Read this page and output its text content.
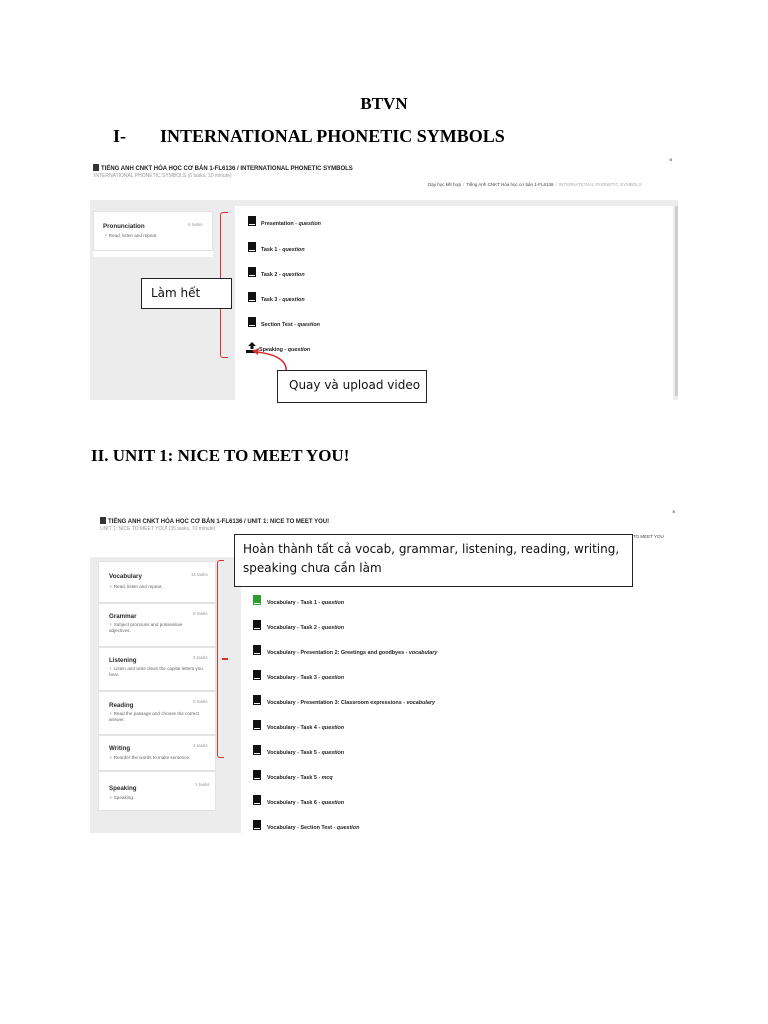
BTVN
I- INTERNATIONAL PHONETIC SYMBOLS
II. UNIT 1: NICE TO MEET YOU!
TIẾNG ANH CNKT HÓA HỌC CƠ BẢN 1-FL6136 / INTERNATIONAL PHONETIC SYMBOLS
INTERNATIONAL PHONETIC SYMBOLS (6 tasks, 10 minute)
Dạy học kết hợp / Tiếng Anh CNKT Hóa học cơ bản 1-FL6136 / INTERNATIONAL PHONETIC SYMBOLS
×
Pronunciation	6 tasks
♀ Read, listen and repeat.
Presentation - question
Task 1 - question
Task 2 - question
Task 3 - question
Section Test - question
Speaking - question
Làm hết
Quay và upload video
TIẾNG ANH CNKT HÓA HỌC CƠ BẢN 1-FL6136 / UNIT 1: NICE TO MEET YOU!
UNIT 1: NICE TO MEET YOU! (35 tasks, 70 minute)
TO MEET YOU
×
Vocabulary	11 tasks
♀ Read, listen and repeat.
Grammar	8 tasks
♀ Subject pronouns and possessive adjectives.
Listening	6 tasks
♀ Listen and write down the capital letters you hear.
Reading
5 tasks
♀ Read the passage and choose the correct answer.
Writing	4 tasks
♀ Reorder the words to make sentence.
Speaking
1 tasks
♀ Speaking.
Vocabulary - Task 1 - question
Vocabulary - Task 2 - question
Vocabulary - Presentation 2: Greetings and goodbyes - vocabulary
Vocabulary - Task 3 - question
Vocabulary - Presentation 3: Classroom expressions - vocabulary
Vocabulary - Task 4 - question
Vocabulary - Task 5 - question
Vocabulary - Task 5 - mcq
Vocabulary - Task 6 - question
Vocabulary - Section Test - question
Hoàn thành tất cả vocab, grammar, listening, reading, writing, speaking chưa cần làm
